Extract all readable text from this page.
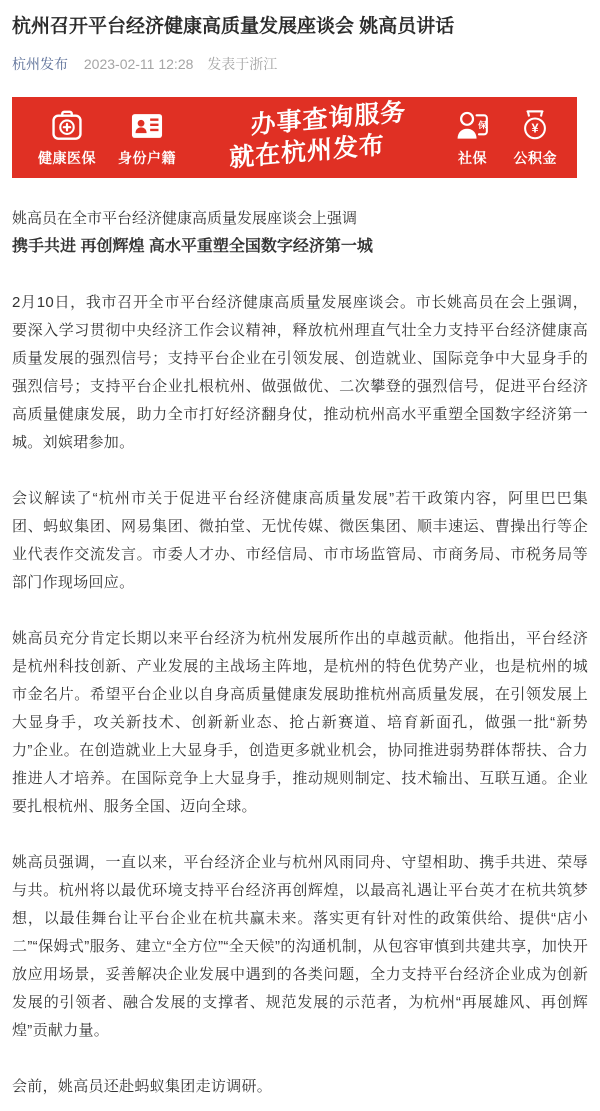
杭州召开平台经济健康高质量发展座谈会 姚高员讲话
杭州发布 2023-02-11 12:28 发表于浙江
健康医保 身份户籍
办事查询服务
就在杭州发布
保
社保
¥
公积金
姚高员在全市平台经济健康高质量发展座谈会上强调
携手共进 再创辉煌 高水平重塑全国数字经济第一城

2月10日，我市召开全市平台经济健康高质量发展座谈会。市长姚高员在会上强调，要深入学习贯彻中央经济工作会议精神，释放杭州理直气壮全力支持平台经济健康高质量发展的强烈信号；支持平台企业在引领发展、创造就业、国际竞争中大显身手的强烈信号；支持平台企业扎根杭州、做强做优、二次攀登的强烈信号，促进平台经济高质量健康发展，助力全市打好经济翻身仗，推动杭州高水平重塑全国数字经济第一城。刘嫔珺参加。

会议解读了“杭州市关于促进平台经济健康高质量发展”若干政策内容，阿里巴巴集团、蚂蚁集团、网易集团、微拍堂、无忧传媒、微医集团、顺丰速运、曹操出行等企业代表作交流发言。市委人才办、市经信局、市市场监管局、市商务局、市税务局等部门作现场回应。

姚高员充分肯定长期以来平台经济为杭州发展所作出的卓越贡献。他指出，平台经济是杭州科技创新、产业发展的主战场主阵地，是杭州的特色优势产业，也是杭州的城市金名片。希望平台企业以自身高质量健康发展助推杭州高质量发展，在引领发展上大显身手，攻关新技术、创新新业态、抢占新赛道、培育新面孔，做强一批“新势力”企业。在创造就业上大显身手，创造更多就业机会，协同推进弱势群体帮扶、合力推进人才培养。在国际竞争上大显身手，推动规则制定、技术输出、互联互通。企业要扎根杭州、服务全国、迈向全球。

姚高员强调，一直以来，平台经济企业与杭州风雨同舟、守望相助、携手共进、荣辱与共。杭州将以最优环境支持平台经济再创辉煌，以最高礼遇让平台英才在杭共筑梦想，以最佳舞台让平台企业在杭共赢未来。落实更有针对性的政策供给、提供“店小二”“保姆式”服务、建立“全方位”“全天候”的沟通机制，从包容审慎到共建共享，加快开放应用场景，妥善解决企业发展中遇到的各类问题，全力支持平台经济企业成为创新发展的引领者、融合发展的支撑者、规范发展的示范者，为杭州“再展雄风、再创辉煌”贡献力量。

会前，姚高员还赴蚂蚁集团走访调研。
